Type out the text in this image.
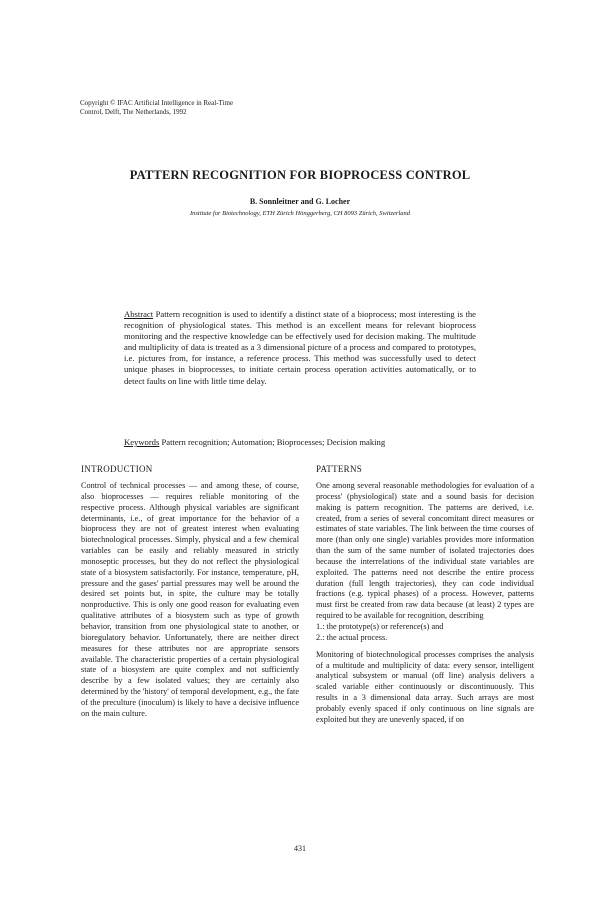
Copyright © IFAC Artificial Intelligence in Real-Time
Control, Delft, The Netherlands, 1992
PATTERN RECOGNITION FOR BIOPROCESS CONTROL
B. Sonnleitner and G. Locher
Institute for Biotechnology, ETH Zürich Hönggerberg, CH 8093 Zürich, Switzerland
Abstract Pattern recognition is used to identify a distinct state of a bioprocess; most interesting is the recognition of physiological states. This method is an excellent means for relevant bioprocess monitoring and the respective knowledge can be effectively used for decision making. The multitude and multiplicity of data is treated as a 3 dimensional picture of a process and compared to prototypes, i.e. pictures from, for instance, a reference process. This method was successfully used to detect unique phases in bioprocesses, to initiate certain process operation activities automatically, or to detect faults on line with little time delay.
Keywords Pattern recognition; Automation; Bioprocesses; Decision making
INTRODUCTION

Control of technical processes — and among these, of course, also bioprocesses — requires reliable monitoring of the respective process. Although physical variables are significant determinants, i.e., of great importance for the behavior of a bioprocess they are not of greatest interest when evaluating biotechnological processes. Simply, physical and a few chemical variables can be easily and reliably measured in strictly monoseptic processes, but they do not reflect the physiological state of a biosystem satisfactorily. For instance, temperature, pH, pressure and the gases' partial pressures may well be around the desired set points but, in spite, the culture may be totally nonproductive. This is only one good reason for evaluating even qualitative attributes of a biosystem such as type of growth behavior, transition from one physiological state to another, or bioregulatory behavior. Unfortunately, there are neither direct measures for these attributes nor are appropriate sensors available. The characteristic properties of a certain physiological state of a biosystem are quite complex and not sufficiently describe by a few isolated values; they are certainly also determined by the 'history' of temporal development, e.g., the fate of the preculture (inoculum) is likely to have a decisive influence on the main culture.

PATTERNS

One among several reasonable methodologies for evaluation of a process' (physiological) state and a sound basis for decision making is pattern recognition. The patterns are derived, i.e. created, from a series of several concomitant direct measures or estimates of state variables. The link between the time courses of more (than only one single) variables provides more information than the sum of the same number of isolated trajectories does because the interrelations of the individual state variables are exploited. The patterns need not describe the entire process duration (full length trajectories), they can code individual fractions (e.g. typical phases) of a process. However, patterns must first be created from raw data because (at least) 2 types are required to be available for recognition, describing

1.: the prototype(s) or reference(s) and
2.: the actual process.

Monitoring of biotechnological processes comprises the analysis of a multitude and multiplicity of data: every sensor, intelligent analytical subsystem or manual (off line) analysis delivers a scaled variable either continuously or discontinuously. This results in a 3 dimensional data array. Such arrays are most probably evenly spaced if only continuous on line signals are exploited but they are unevenly spaced, if on

431
